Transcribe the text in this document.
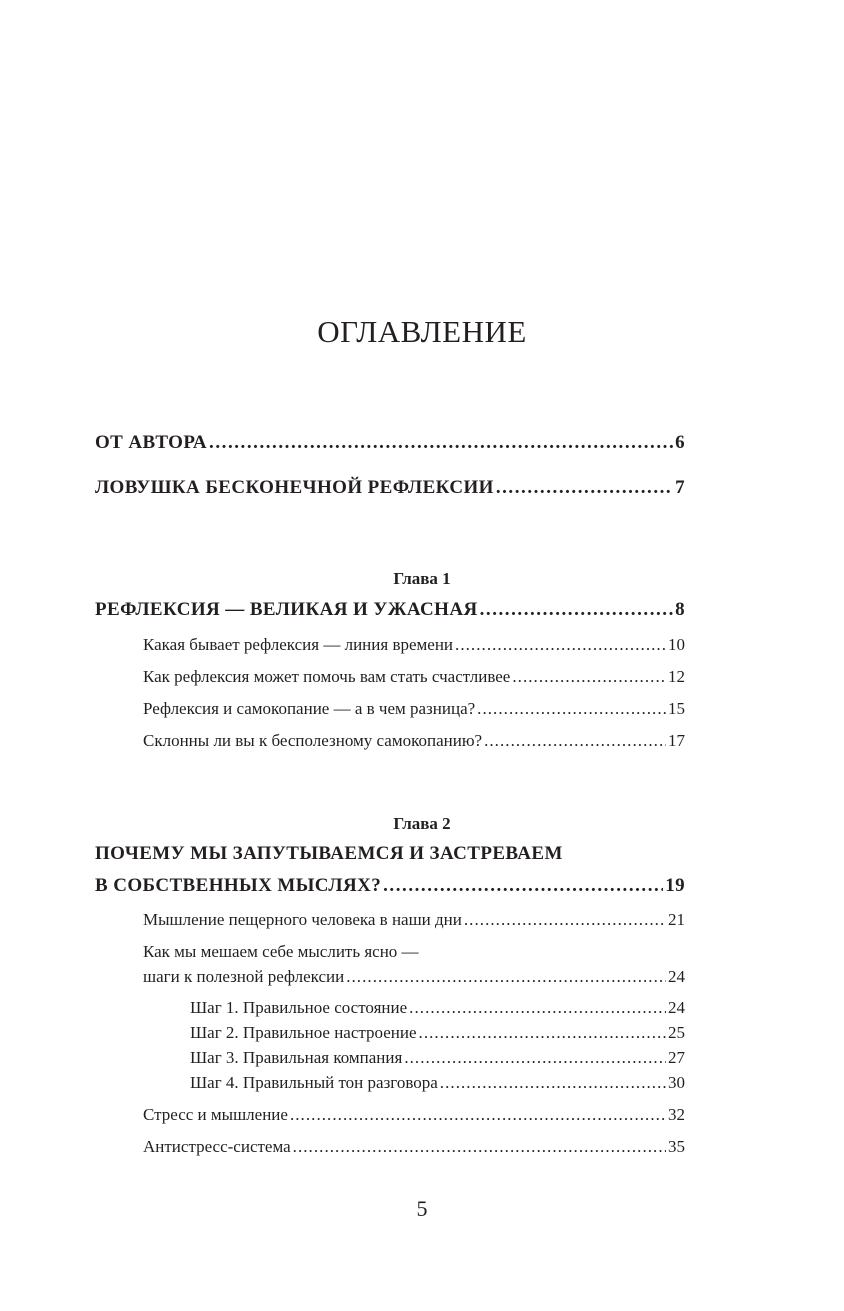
ОГЛАВЛЕНИЕ
ОТ АВТОРА . . .	6
ЛОВУШКА БЕСКОНЕЧНОЙ РЕФЛЕКСИИ . . .	7
Глава 1
РЕФЛЕКСИЯ — ВЕЛИКАЯ И УЖАСНАЯ . . .	8
Какая бывает рефлексия — линия времени . . .	10
Как рефлексия может помочь вам стать счастливее . . .	12
Рефлексия и самокопание — а в чем разница? . . .	15
Склонны ли вы к бесполезному самокопанию? . . .	17
Глава 2
ПОЧЕМУ МЫ ЗАПУТЫВАЕМСЯ И ЗАСТРЕВАЕМ
В СОБСТВЕННЫХ МЫСЛЯХ? . . .	19
Мышление пещерного человека в наши дни . . .	21
Как мы мешаем себе мыслить ясно —
шаги к полезной рефлексии . . .	24
Шаг 1. Правильное состояние . . .	24
Шаг 2. Правильное настроение . . .	25
Шаг 3. Правильная компания . . .	27
Шаг 4. Правильный тон разговора . . .	30
Стресс и мышление . . .	32
Антистресс-система . . .	35
5
